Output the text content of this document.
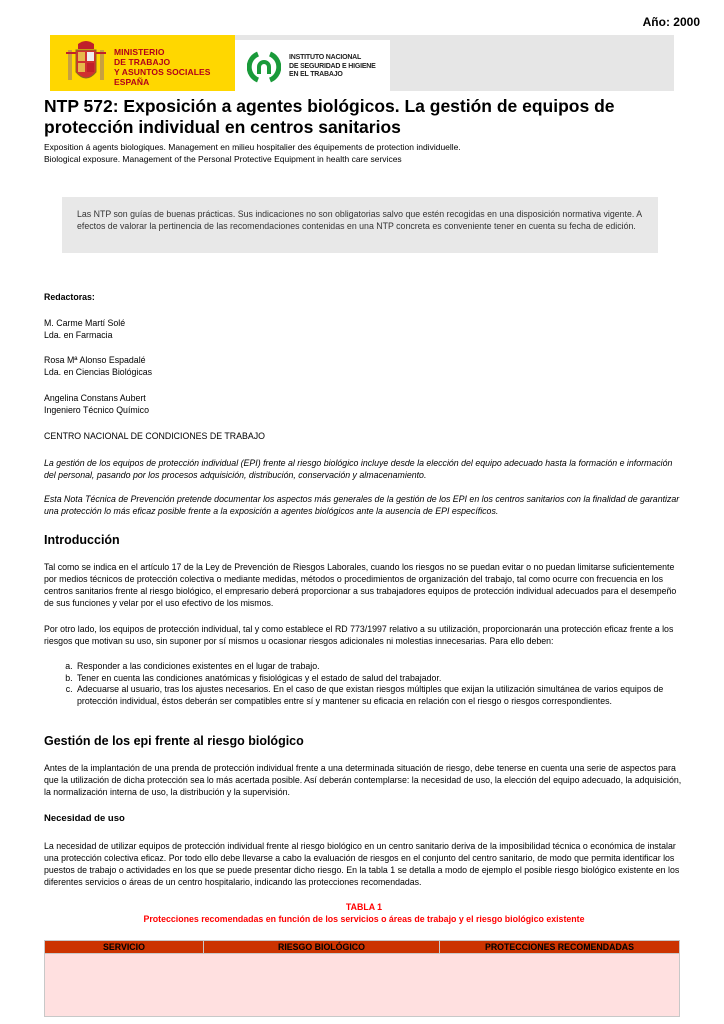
Año: 2000
MINISTERIO
DE TRABAJO
Y ASUNTOS SOCIALES
ESPAÑA
INSTITUTO NACIONAL
DE SEGURIDAD E HIGIENE
EN EL TRABAJO
NTP 572: Exposición a agentes biológicos. La gestión de equipos de protección individual en centros sanitarios
Exposition á agents biologiques. Management en milieu hospitalier des équipements de protection individuelle.
Biological exposure. Management of the Personal Protective Equipment in health care services

Las NTP son guías de buenas prácticas. Sus indicaciones no son obligatorias salvo que estén recogidas en una disposición normativa vigente. A efectos de valorar la pertinencia de las recomendaciones contenidas en una NTP concreta es conveniente tener en cuenta su fecha de edición.

Redactoras:
M. Carme Martí Solé
Lda. en Farmacia
Rosa Mª Alonso Espadalé
Lda. en Ciencias Biológicas
Angelina Constans Aubert
Ingeniero Técnico Químico
CENTRO NACIONAL DE CONDICIONES DE TRABAJO
La gestión de los equipos de protección individual (EPI) frente al riesgo biológico incluye desde la elección del equipo adecuado hasta la formación e información del personal, pasando por los procesos adquisición, distribución, conservación y almacenamiento.
Esta Nota Técnica de Prevención pretende documentar los aspectos más generales de la gestión de los EPI en los centros sanitarios con la finalidad de garantizar una protección lo más eficaz posible frente a la exposición a agentes biológicos ante la ausencia de EPI específicos.
Introducción
Tal como se indica en el artículo 17 de la Ley de Prevención de Riesgos Laborales, cuando los riesgos no se puedan evitar o no puedan limitarse suficientemente por medios técnicos de protección colectiva o mediante medidas, métodos o procedimientos de organización del trabajo, tal como ocurre con frecuencia en los centros sanitarios frente al riesgo biológico, el empresario deberá proporcionar a sus trabajadores equipos de protección individual adecuados para el desempeño de sus funciones y velar por el uso efectivo de los mismos.
Por otro lado, los equipos de protección individual, tal y como establece el RD 773/1997 relativo a su utilización, proporcionarán una protección eficaz frente a los riesgos que motivan su uso, sin suponer por sí mismos u ocasionar riesgos adicionales ni molestias innecesarias. Para ello deben:
a. Responder a las condiciones existentes en el lugar de trabajo.
b. Tener en cuenta las condiciones anatómicas y fisiológicas y el estado de salud del trabajador.
c. Adecuarse al usuario, tras los ajustes necesarios. En el caso de que existan riesgos múltiples que exijan la utilización simultánea de varios equipos de protección individual, éstos deberán ser compatibles entre sí y mantener su eficacia en relación con el riesgo o riesgos correspondientes.
Gestión de los epi frente al riesgo biológico
Antes de la implantación de una prenda de protección individual frente a una determinada situación de riesgo, debe tenerse en cuenta una serie de aspectos para que la utilización de dicha protección sea lo más acertada posible. Así deberán contemplarse: la necesidad de uso, la elección del equipo adecuado, la adquisición, la normalización interna de uso, la distribución y la supervisión.
Necesidad de uso
La necesidad de utilizar equipos de protección individual frente al riesgo biológico en un centro sanitario deriva de la imposibilidad técnica o económica de instalar una protección colectiva eficaz. Por todo ello debe llevarse a cabo la evaluación de riesgos en el conjunto del centro sanitario, de modo que permita identificar los puestos de trabajo o actividades en los que se puede presentar dicho riesgo. En la tabla 1 se detalla a modo de ejemplo el posible riesgo biológico existente en los diferentes servicios o áreas de un centro hospitalario, indicando las protecciones recomendadas.
TABLA 1
Protecciones recomendadas en función de los servicios o áreas de trabajo y el riesgo biológico existente
SERVICIO	RIESGO BIOLÓGICO	PROTECCIONES RECOMENDADAS
